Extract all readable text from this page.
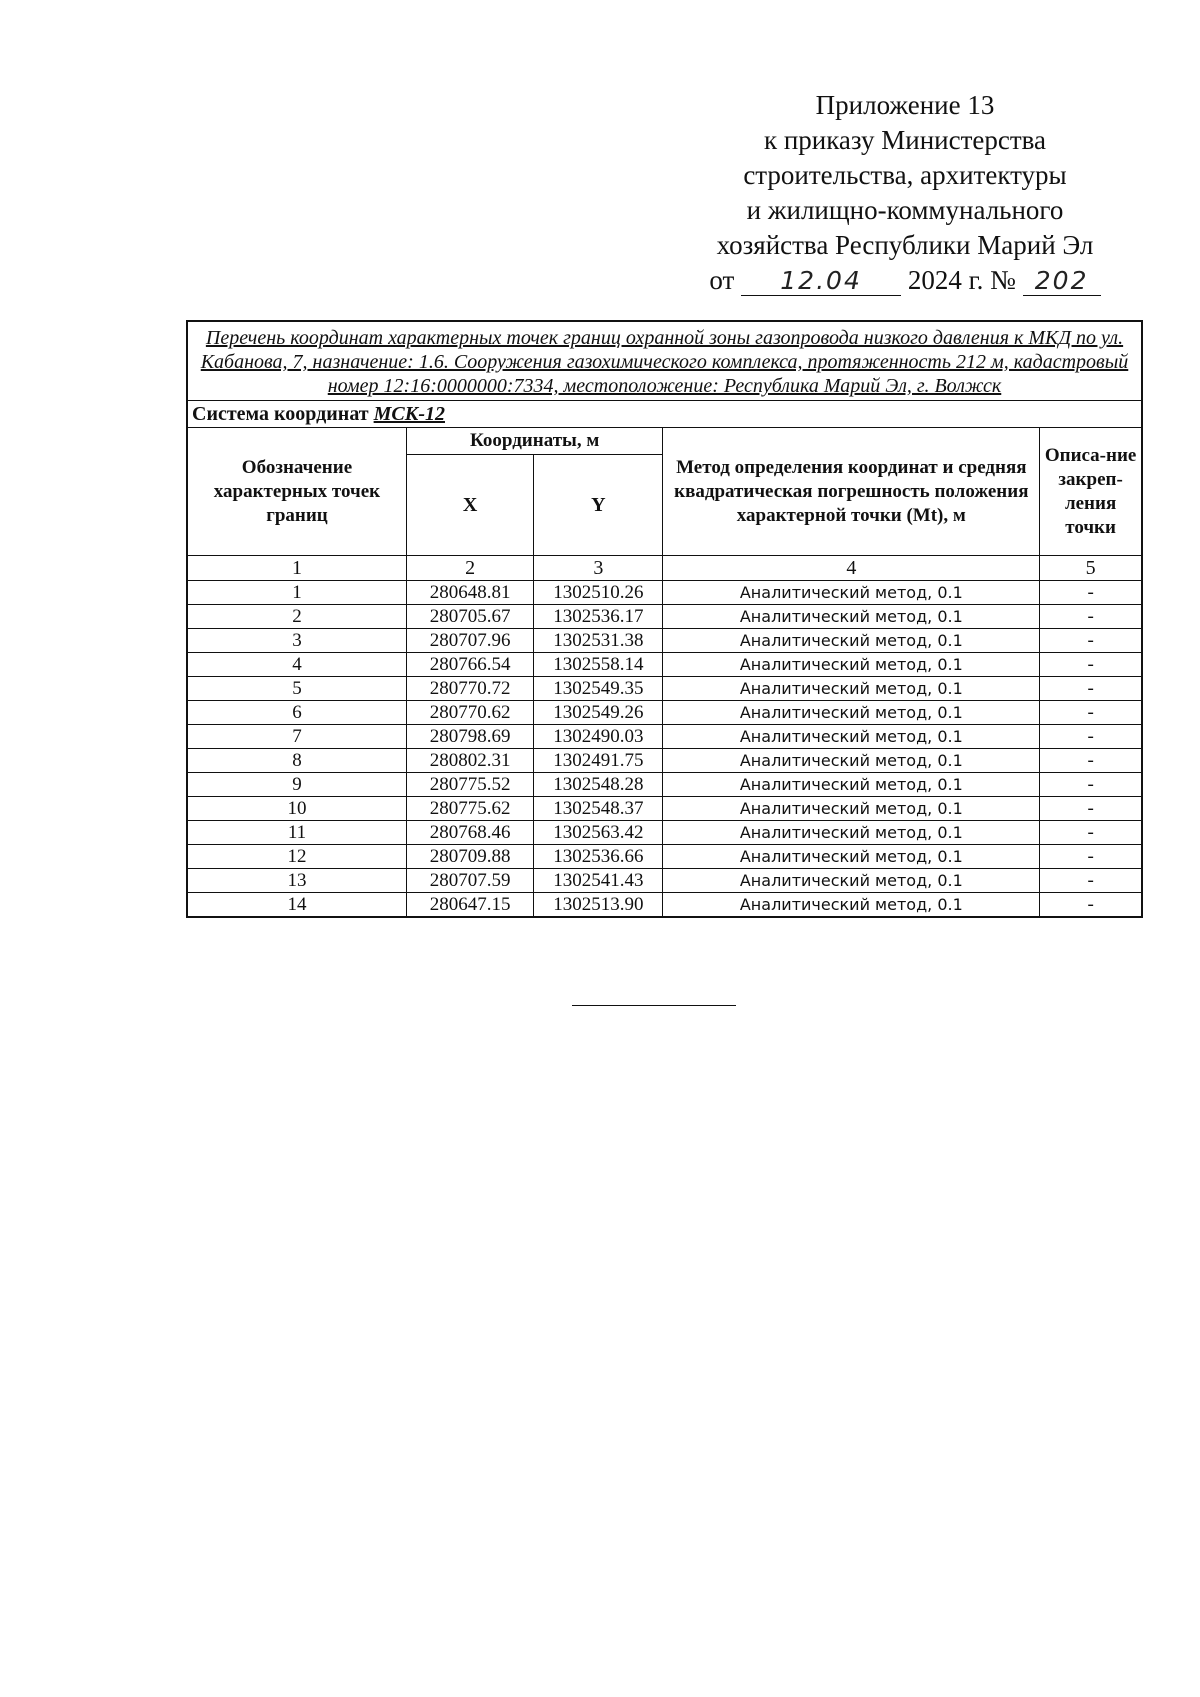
Приложение 13
к приказу Министерства
строительства, архитектуры
и жилищно-коммунального
хозяйства Республики Марий Эл
от 12.04 2024 г. № 202
Перечень координат характерных точек границ охранной зоны газопровода низкого давления к МКД по ул. Кабанова, 7, назначение: 1.6. Сооружения газохимического комплекса, протяженность 212 м, кадастровый номер 12:16:0000000:7334, местоположение: Республика Марий Эл, г. Волжск				
Система координат МСК-12				
Обозначение характерных точек границ	Координаты, м		Метод определения координат и средняя квадратическая погрешность положения характерной точки (Mt), м	Описа-ние закреп-ления точки
	X	Y		
1	2	3	4	5
1	280648.81	1302510.26	Аналитический метод, 0.1	-
2	280705.67	1302536.17	Аналитический метод, 0.1	-
3	280707.96	1302531.38	Аналитический метод, 0.1	-
4	280766.54	1302558.14	Аналитический метод, 0.1	-
5	280770.72	1302549.35	Аналитический метод, 0.1	-
6	280770.62	1302549.26	Аналитический метод, 0.1	-
7	280798.69	1302490.03	Аналитический метод, 0.1	-
8	280802.31	1302491.75	Аналитический метод, 0.1	-
9	280775.52	1302548.28	Аналитический метод, 0.1	-
10	280775.62	1302548.37	Аналитический метод, 0.1	-
11	280768.46	1302563.42	Аналитический метод, 0.1	-
12	280709.88	1302536.66	Аналитический метод, 0.1	-
13	280707.59	1302541.43	Аналитический метод, 0.1	-
14	280647.15	1302513.90	Аналитический метод, 0.1	-
